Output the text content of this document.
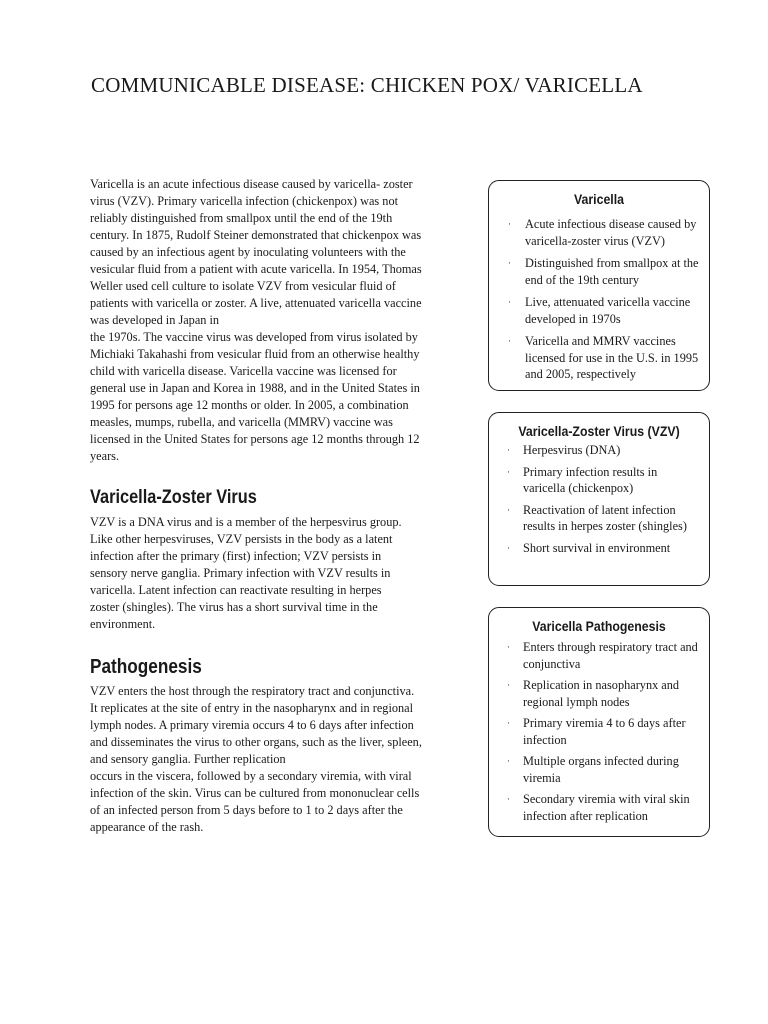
COMMUNICABLE DISEASE: CHICKEN POX/ VARICELLA
Varicella is an acute infectious disease caused by varicella- zoster
virus (VZV). Primary varicella infection (chickenpox) was not
reliably distinguished from smallpox until the end of the 19th
century. In 1875, Rudolf Steiner demonstrated that chickenpox was
caused by an infectious agent by inoculating volunteers with the
vesicular fluid from a patient with acute varicella. In 1954, Thomas
Weller used cell culture to isolate VZV from vesicular fluid of
patients with varicella or zoster. A live, attenuated varicella vaccine
was developed in Japan in
the 1970s. The vaccine virus was developed from virus isolated by
Michiaki Takahashi from vesicular fluid from an otherwise healthy
child with varicella disease. Varicella vaccine was licensed for
general use in Japan and Korea in 1988, and in the United States in
1995 for persons age 12 months or older. In 2005, a combination
measles, mumps, rubella, and varicella (MMRV) vaccine was
licensed in the United States for persons age 12 months through 12
years.
Varicella-Zoster Virus
VZV is a DNA virus and is a member of the herpesvirus group.
Like other herpesviruses, VZV persists in the body as a latent
infection after the primary (first) infection; VZV persists in
sensory nerve ganglia. Primary infection with VZV results in
varicella. Latent infection can reactivate resulting in herpes
zoster (shingles). The virus has a short survival time in the
environment.
Pathogenesis
VZV enters the host through the respiratory tract and conjunctiva.
It replicates at the site of entry in the nasopharynx and in regional
lymph nodes. A primary viremia occurs 4 to 6 days after infection
and disseminates the virus to other organs, such as the liver, spleen,
and sensory ganglia. Further replication
occurs in the viscera, followed by a secondary viremia, with viral
infection of the skin. Virus can be cultured from mononuclear cells
of an infected person from 5 days before to 1 to 2 days after the
appearance of the rash.
Varicella
· Acute infectious disease caused by varicella-zoster virus (VZV)
· Distinguished from smallpox at the end of the 19th century
· Live, attenuated varicella vaccine developed in 1970s
· Varicella and MMRV vaccines licensed for use in the U.S. in 1995 and 2005, respectively
Varicella-Zoster Virus (VZV)
· Herpesvirus (DNA)
· Primary infection results in varicella (chickenpox)
· Reactivation of latent infection results in herpes zoster (shingles)
· Short survival in environment
Varicella Pathogenesis
· Enters through respiratory tract and conjunctiva
· Replication in nasopharynx and regional lymph nodes
· Primary viremia 4 to 6 days after infection
· Multiple organs infected during viremia
· Secondary viremia with viral skin infection after replication
